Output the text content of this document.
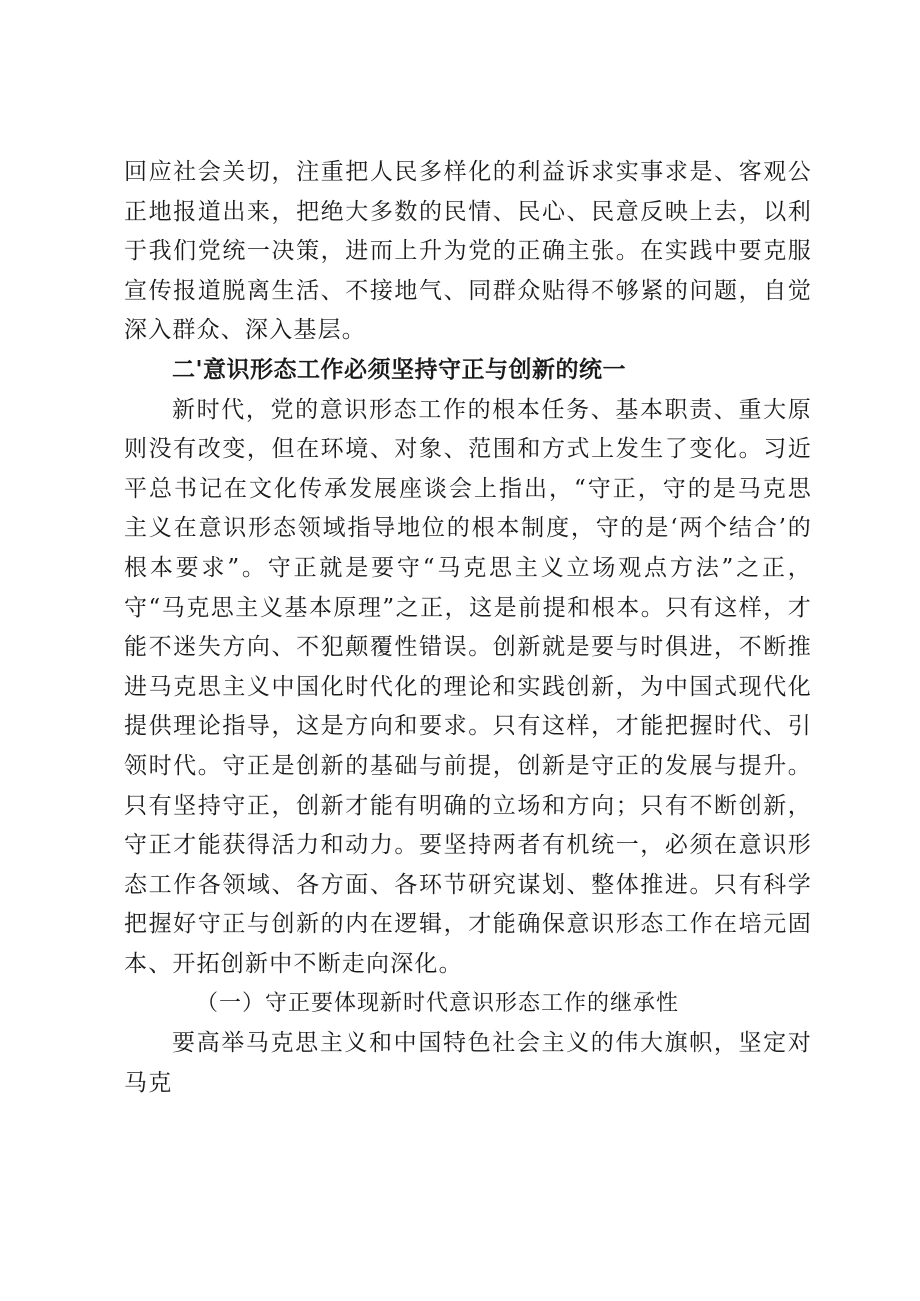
回应社会关切，注重把人民多样化的利益诉求实事求是、客观公正地报道出来，把绝大多数的民情、民心、民意反映上去，以利于我们党统一决策，进而上升为党的正确主张。在实践中要克服宣传报道脱离生活、不接地气、同群众贴得不够紧的问题，自觉深入群众、深入基层。

二'意识形态工作必须坚持守正与创新的统一

新时代，党的意识形态工作的根本任务、基本职责、重大原则没有改变，但在环境、对象、范围和方式上发生了变化。习近平总书记在文化传承发展座谈会上指出，“守正，守的是马克思主义在意识形态领域指导地位的根本制度，守的是‘两个结合’的根本要求”。守正就是要守“马克思主义立场观点方法”之正，守“马克思主义基本原理”之正，这是前提和根本。只有这样，才能不迷失方向、不犯颠覆性错误。创新就是要与时俱进，不断推进马克思主义中国化时代化的理论和实践创新，为中国式现代化提供理论指导，这是方向和要求。只有这样，才能把握时代、引领时代。守正是创新的基础与前提，创新是守正的发展与提升。只有坚持守正，创新才能有明确的立场和方向；只有不断创新，守正才能获得活力和动力。要坚持两者有机统一，必须在意识形态工作各领域、各方面、各环节研究谋划、整体推进。只有科学把握好守正与创新的内在逻辑，才能确保意识形态工作在培元固本、开拓创新中不断走向深化。

（一）守正要体现新时代意识形态工作的继承性

要高举马克思主义和中国特色社会主义的伟大旗帜，坚定对马克
